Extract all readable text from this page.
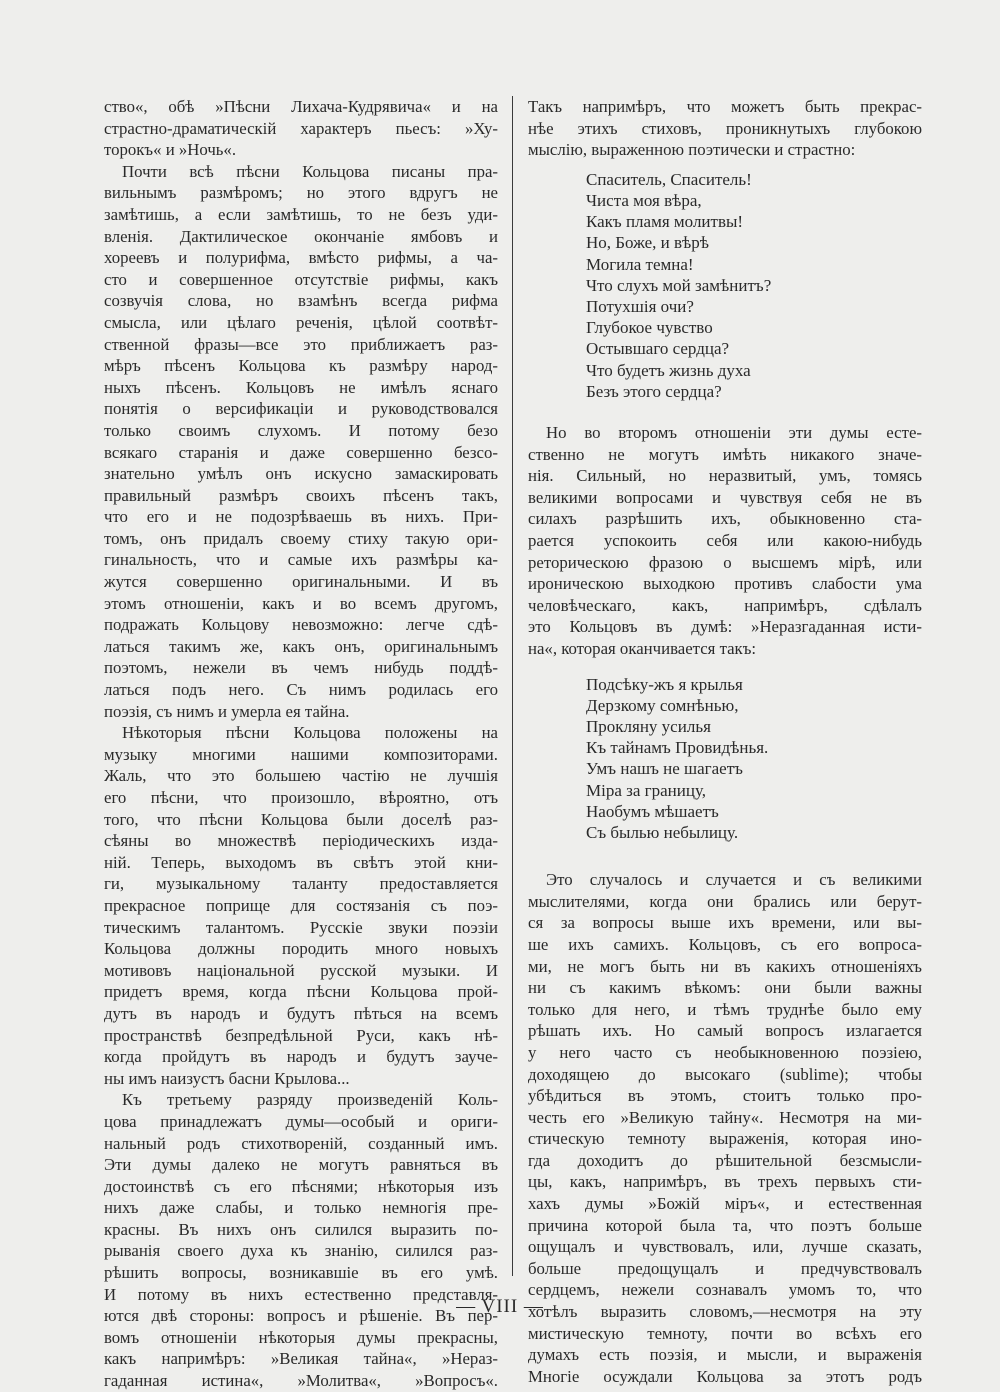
ство«, обѣ »Пѣсни Лихача-Кудрявича« и на
страстно-драматическій характеръ пьесъ: »Ху-
торокъ« и »Ночь«.
Почти всѣ пѣсни Кольцова писаны пра-
вильнымъ размѣромъ; но этого вдругъ не
замѣтишь, а если замѣтишь, то не безъ уди-
вленія. Дактилическое окончаніе ямбовъ и
хореевъ и полурифма, вмѣсто рифмы, а ча-
сто и совершенное отсутствіе рифмы, какъ
созвучія слова, но взамѣнъ всегда рифма
смысла, или цѣлаго реченія, цѣлой соотвѣт-
ственной фразы—все это приближаетъ раз-
мѣръ пѣсенъ Кольцова къ размѣру народ-
ныхъ пѣсенъ. Кольцовъ не имѣлъ яснаго
понятія о версификаціи и руководствовался
только своимъ слухомъ. И потому безо
всякаго старанія и даже совершенно безсо-
знательно умѣлъ онъ искусно замаскировать
правильный размѣръ своихъ пѣсенъ такъ,
что его и не подозрѣваешь въ нихъ. При-
томъ, онъ придалъ своему стиху такую ори-
гинальность, что и самые ихъ размѣры ка-
жутся совершенно оригинальными. И въ
этомъ отношеніи, какъ и во всемъ другомъ,
подражать Кольцову невозможно: легче сдѣ-
латься такимъ же, какъ онъ, оригинальнымъ
поэтомъ, нежели въ чемъ нибудь поддѣ-
латься подъ него. Съ нимъ родилась его
поэзія, съ нимъ и умерла ея тайна.
Нѣкоторыя пѣсни Кольцова положены на
музыку многими нашими композиторами.
Жаль, что это большею частію не лучшія
его пѣсни, что произошло, вѣроятно, отъ
того, что пѣсни Кольцова были доселѣ раз-
сѣяны во множествѣ періодическихъ изда-
ній. Теперь, выходомъ въ свѣтъ этой кни-
ги, музыкальному таланту предоставляется
прекрасное поприще для состязанія съ поэ-
тическимъ талантомъ. Русскіе звуки поэзіи
Кольцова должны породить много новыхъ
мотивовъ національной русской музыки. И
придетъ время, когда пѣсни Кольцова прой-
дутъ въ народъ и будутъ пѣться на всемъ
пространствѣ безпредѣльной Руси, какъ нѣ-
когда пройдутъ въ народъ и будутъ заучe-
ны имъ наизустъ басни Крылова...
Къ третьему разряду произведеній Коль-
цова принадлежатъ думы—особый и ориги-
нальный родъ стихотвореній, созданный имъ.
Эти думы далеко не могутъ равняться въ
достоинствѣ съ его пѣснями; нѣкоторыя изъ
нихъ даже слабы, и только немногія пре-
красны. Въ нихъ онъ силился выразить по-
рыванія своего духа къ знанію, силился раз-
рѣшить вопросы, возникавшіе въ его умѣ.
И потому въ нихъ естественно представля-
ются двѣ стороны: вопросъ и рѣшеніе. Въ пер-
вомъ отношеніи нѣкоторыя думы прекрасны,
какъ напримѣръ: »Великая тайна«, »Нераз-
гаданная истина«, »Молитва«, »Вопросъ«.
Такъ напримѣръ, что можетъ быть прекрас-
нѣе этихъ стиховъ, проникнутыхъ глубокою
мыслію, выраженною поэтически и страстно:
Спаситель, Спаситель!
Чиста моя вѣра,
Какъ пламя молитвы!
Но, Боже, и вѣрѣ
Могила темна!
Что слухъ мой замѣнитъ?
Потухшія очи?
Глубокое чувство
Остывшаго сердца?
Что будетъ жизнь духа
Безъ этого сердца?
Но во второмъ отношеніи эти думы есте-
ственно не могутъ имѣть никакого значе-
нія. Сильный, но неразвитый, умъ, томясь
великими вопросами и чувствуя себя не въ
силахъ разрѣшить ихъ, обыкновенно ста-
рается успокоить себя или какою-нибудь
реторическою фразою о высшемъ мірѣ, или
ироническою выходкою противъ слабости ума
человѣческаго, какъ, напримѣръ, сдѣлалъ
это Кольцовъ въ думѣ: »Неразгаданная исти-
на«, которая оканчивается такъ:
Подсѣку-жъ я крылья
Дерзкому сомнѣнью,
Прокляну усилья
Къ тайнамъ Провидѣнья.
Умъ нашъ не шагаетъ
Міра за границу,
Наобумъ мѣшаетъ
Съ былью небылицу.
Это случалось и случается и съ великими
мыслителями, когда они брались или берут-
ся за вопросы выше ихъ времени, или вы-
ше ихъ самихъ. Кольцовъ, съ его вопроса-
ми, не могъ быть ни въ какихъ отношеніяхъ
ни съ какимъ вѣкомъ: они были важны
только для него, и тѣмъ труднѣе было ему
рѣшать ихъ. Но самый вопросъ излагается
у него часто съ необыкновенною поэзіею,
доходящею до высокаго (sublime); чтобы
убѣдиться въ этомъ, стоитъ только про-
честь его »Великую тайну«. Несмотря на ми-
стическую темноту выраженія, которая ино-
гда доходитъ до рѣшительной безсмысли-
цы, какъ, напримѣръ, въ трехъ первыхъ сти-
хахъ думы »Божій міръ«, и естественная
причина которой была та, что поэтъ больше
ощущалъ и чувствовалъ, или, лучше сказать,
больше предощущалъ и предчувствовалъ
сердцемъ, нежели сознавалъ умомъ то, что
хотѣлъ выразить словомъ,—несмотря на эту
мистическую темноту, почти во всѣхъ его
думахъ есть поэзія, и мысли, и выраженія
Многіе осуждали Кольцова за этотъ родъ
— VIII —
